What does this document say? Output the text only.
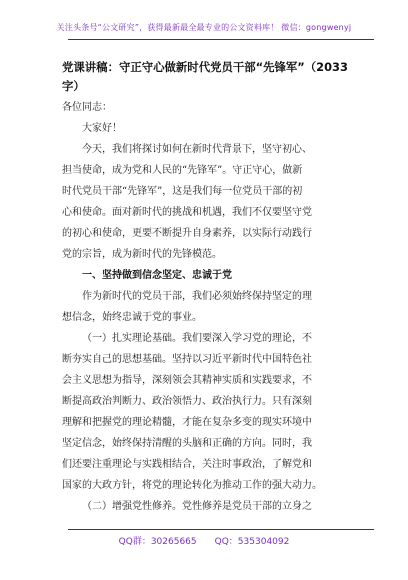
关注头条号“公文研究”，获得最新最全最专业的公文资料库！ 微信：gongwenyj
党课讲稿：守正守心做新时代党员干部“先锋军”（2033
字）
各位同志：
大家好！
今天，我们将探讨如何在新时代背景下，坚守初心、
担当使命，成为党和人民的“先锋军”。守正守心，做新
时代党员干部“先锋军”，这是我们每一位党员干部的初
心和使命。面对新时代的挑战和机遇，我们不仅要坚守党
的初心和使命，更要不断提升自身素养，以实际行动践行
党的宗旨，成为新时代的先锋模范。
一、坚持做到信念坚定、忠诚于党
作为新时代的党员干部，我们必须始终保持坚定的理
想信念，始终忠诚于党的事业。
（一）扎实理论基础。我们要深入学习党的理论，不
断夯实自己的思想基础。坚持以习近平新时代中国特色社
会主义思想为指导，深刻领会其精神实质和实践要求，不
断提高政治判断力、政治领悟力、政治执行力。只有深刻
理解和把握党的理论精髓，才能在复杂多变的现实环境中
坚定信念，始终保持清醒的头脑和正确的方向。同时，我
们还要注重理论与实践相结合，关注时事政治，了解党和
国家的大政方针，将党的理论转化为推动工作的强大动力。
（二）增强党性修养。党性修养是党员干部的立身之
QQ群：30265665 QQ：535304092
